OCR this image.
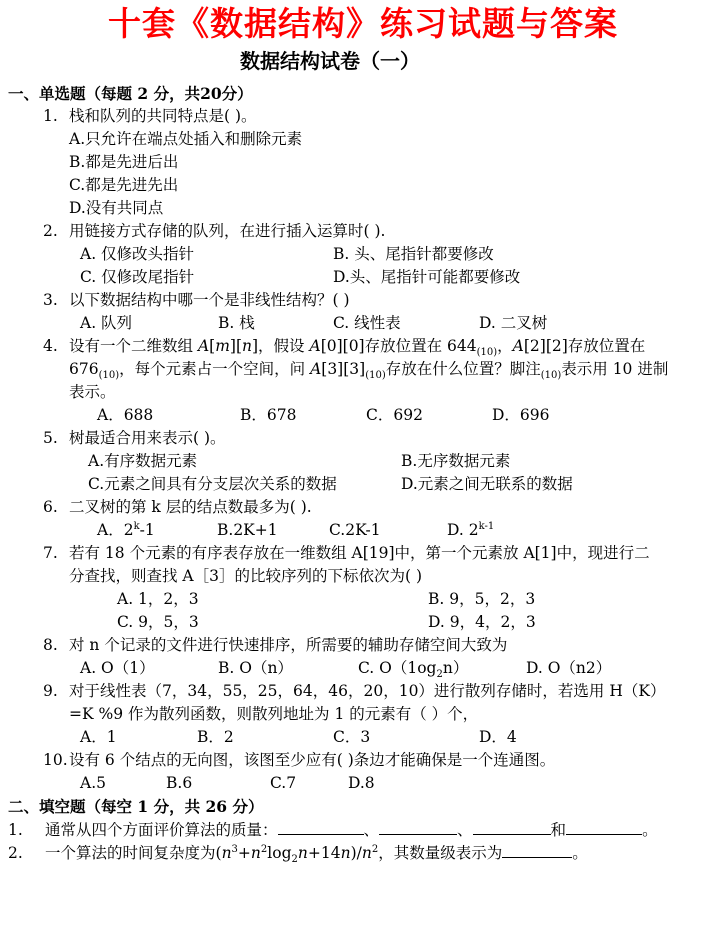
十套《数据结构》练习试题与答案
数据结构试卷（一）
一、单选题（每题 2 分，共20分）
1. 栈和队列的共同特点是( )。
A.只允许在端点处插入和删除元素
B.都是先进后出
C.都是先进先出
D.没有共同点
2. 用链接方式存储的队列，在进行插入运算时( ).
A. 仅修改头指针	B. 头、尾指针都要修改
C. 仅修改尾指针	D.头、尾指针可能都要修改
3. 以下数据结构中哪一个是非线性结构？( )
A. 队列	B. 栈	C. 线性表	D. 二叉树
4. 设有一个二维数组 A[m][n]，假设 A[0][0]存放位置在 $644_{(10)}$，A[2][2]存放位置在
$676_{(10)}$，每个元素占一个空间，问 $A[3][3]_{(10)}$存放在什么位置？脚注$_{(10)}$表示用 10 进制
表示。
A．688	B．678	C．692	D．696
5. 树最适合用来表示( )。
A.有序数据元素	B.无序数据元素
C.元素之间具有分支层次关系的数据	D.元素之间无联系的数据
6. 二叉树的第 k 层的结点数最多为( ).
A．2$^k$-1	B.2K+1	C.2K-1	D. 2$^{k-1}$
7. 若有 18 个元素的有序表存放在一维数组 A[19]中，第一个元素放 A[1]中，现进行二
分查找，则查找 A［3］的比较序列的下标依次为( )
A. 1，2，3	B. 9，5，2，3
C. 9，5，3	D. 9，4，2，3
8. 对 n 个记录的文件进行快速排序，所需要的辅助存储空间大致为
A. O（1）	B. O（n）	C. $O(1og_2n)$	D. O（n2）
9. 对于线性表（7，34，55，25，64，46，20，10）进行散列存储时，若选用 H（K）
=K %9 作为散列函数，则散列地址为 1 的元素有（ ）个，
A．1	B．2	C．3	D．4
10.设有 6 个结点的无向图，该图至少应有( )条边才能确保是一个连通图。
A.5	B.6	C.7	D.8
二、填空题（每空 1 分，共 26 分）
1. 通常从四个方面评价算法的质量：	、	、	和	。
2. 一个算法的时间复杂度为$(n^3+n^2\log_2n+14n)/n^2$，其数量级表示为	。
